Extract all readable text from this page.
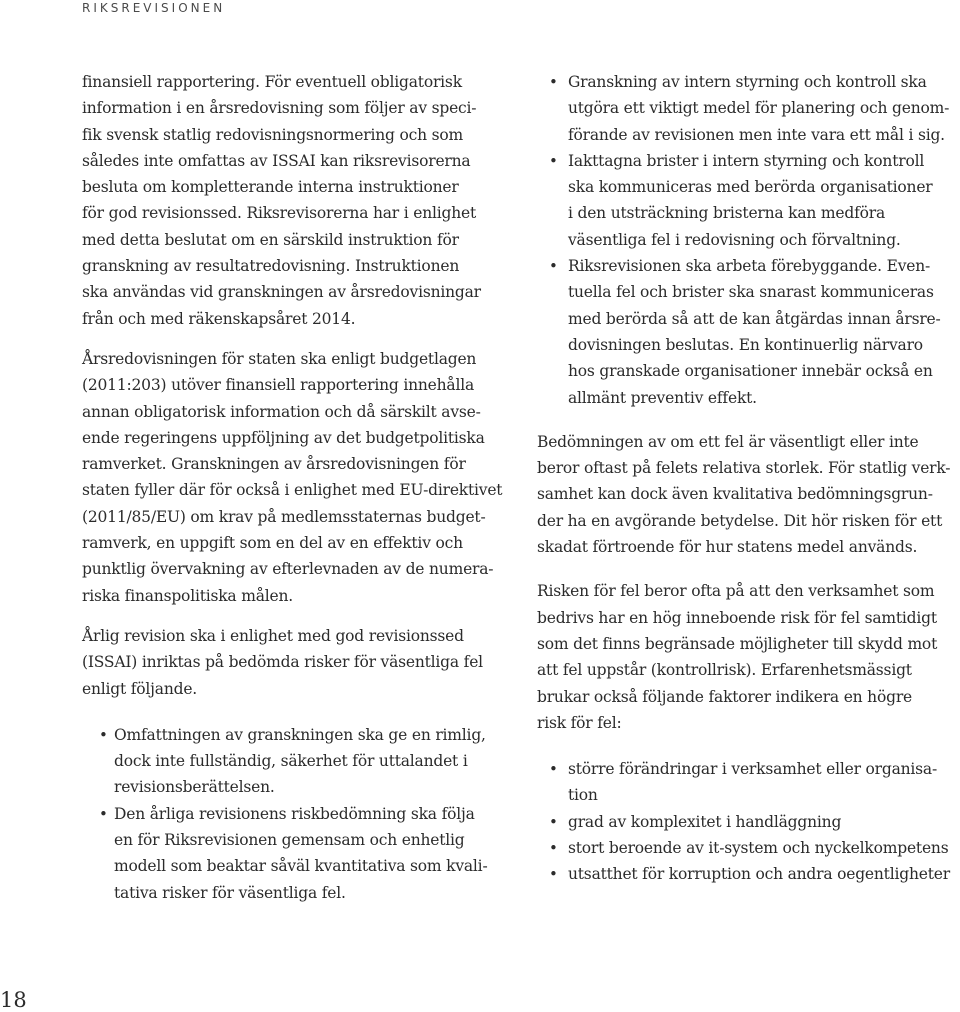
RIKSREVISIONEN

finansiell rapportering. För eventuell obligatorisk
information i en årsredovisning som följer av speci-
fik svensk statlig redovisningsnormering och som
således inte omfattas av ISSAI kan riksrevisorerna
besluta om kompletterande interna instruktioner
för god revisionssed. Riksrevisorerna har i enlighet
med detta beslutat om en särskild instruktion för
granskning av resultatredovisning. Instruktionen
ska användas vid granskningen av årsredovisningar
från och med räkenskapsåret 2014.

Årsredovisningen för staten ska enligt budgetlagen
(2011:203) utöver finansiell rapportering innehålla
annan obligatorisk information och då särskilt avse-
ende regeringens uppföljning av det budgetpolitiska
ramverket. Granskningen av årsredovisningen för
staten fyller där för också i enlighet med EU-direktivet
(2011/85/EU) om krav på medlemsstaternas budget-
ramverk, en uppgift som en del av en effektiv och
punktlig övervakning av efterlevnaden av de numera-
riska finanspolitiska målen.

Årlig revision ska i enlighet med god revisionssed
(ISSAI) inriktas på bedömda risker för väsentliga fel
enligt följande.

• Omfattningen av granskningen ska ge en rimlig,
dock inte fullständig, säkerhet för uttalandet i
revisionsberättelsen.
• Den årliga revisionens riskbedömning ska följa
en för Riksrevisionen gemensam och enhetlig
modell som beaktar såväl kvantitativa som kvali-
tativa risker för väsentliga fel.
• Granskning av intern styrning och kontroll ska
utgöra ett viktigt medel för planering och genom-
förande av revisionen men inte vara ett mål i sig.
• Iakttagna brister i intern styrning och kontroll
ska kommuniceras med berörda organisationer
i den utsträckning bristerna kan medföra
väsentliga fel i redovisning och förvaltning.
• Riksrevisionen ska arbeta förebyggande. Even-
tuella fel och brister ska snarast kommuniceras
med berörda så att de kan åtgärdas innan årsre-
dovisningen beslutas. En kontinuerlig närvaro
hos granskade organisationer innebär också en
allmänt preventiv effekt.

Bedömningen av om ett fel är väsentligt eller inte
beror oftast på felets relativa storlek. För statlig verk-
samhet kan dock även kvalitativa bedömningsgrun-
der ha en avgörande betydelse. Dit hör risken för ett
skadat förtroende för hur statens medel används.

Risken för fel beror ofta på att den verksamhet som
bedrivs har en hög inneboende risk för fel samtidigt
som det finns begränsade möjligheter till skydd mot
att fel uppstår (kontrollrisk). Erfarenhetsmässigt
brukar också följande faktorer indikera en högre
risk för fel:

• större förändringar i verksamhet eller organisa-
tion
• grad av komplexitet i handläggning
• stort beroende av it-system och nyckelkompetens
• utsatthet för korruption och andra oegentligheter
18
